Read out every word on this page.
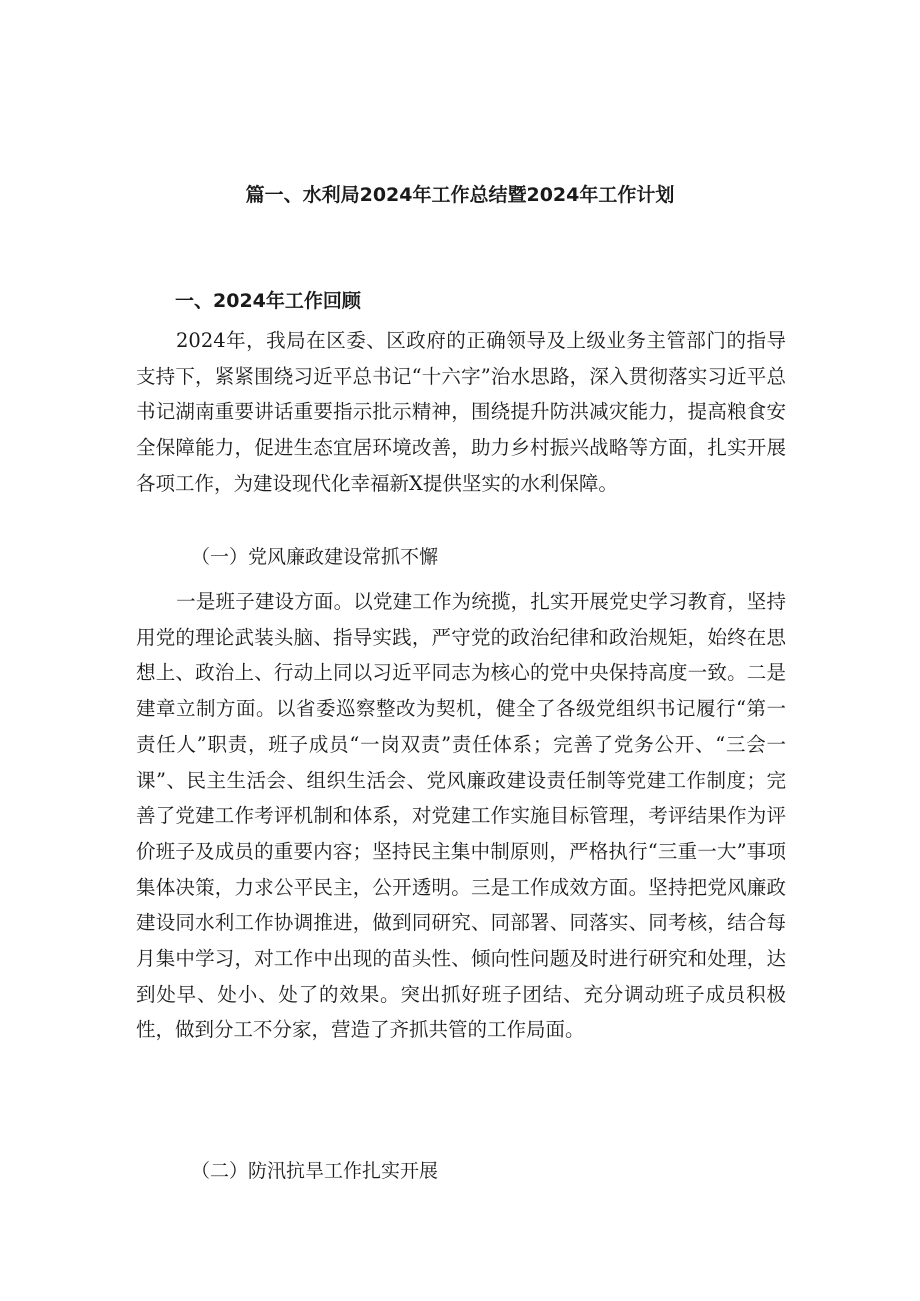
篇一、水利局2024年工作总结暨2024年工作计划
一、2024年工作回顾

2024年，我局在区委、区政府的正确领导及上级业务主管部门的指导支持下，紧紧围绕习近平总书记“十六字”治水思路，深入贯彻落实习近平总书记湖南重要讲话重要指示批示精神，围绕提升防洪减灾能力，提高粮食安全保障能力，促进生态宜居环境改善，助力乡村振兴战略等方面，扎实开展各项工作，为建设现代化幸福新X提供坚实的水利保障。

（一）党风廉政建设常抓不懈

一是班子建设方面。以党建工作为统揽，扎实开展党史学习教育，坚持用党的理论武装头脑、指导实践，严守党的政治纪律和政治规矩，始终在思想上、政治上、行动上同以习近平同志为核心的党中央保持高度一致。二是建章立制方面。以省委巡察整改为契机，健全了各级党组织书记履行“第一责任人”职责，班子成员“一岗双责”责任体系；完善了党务公开、“三会一课”、民主生活会、组织生活会、党风廉政建设责任制等党建工作制度；完善了党建工作考评机制和体系，对党建工作实施目标管理，考评结果作为评价班子及成员的重要内容；坚持民主集中制原则，严格执行“三重一大”事项集体决策，力求公平民主，公开透明。三是工作成效方面。坚持把党风廉政建设同水利工作协调推进，做到同研究、同部署、同落实、同考核，结合每月集中学习，对工作中出现的苗头性、倾向性问题及时进行研究和处理，达到处早、处小、处了的效果。突出抓好班子团结、充分调动班子成员积极性，做到分工不分家，营造了齐抓共管的工作局面。

（二）防汛抗旱工作扎实开展
